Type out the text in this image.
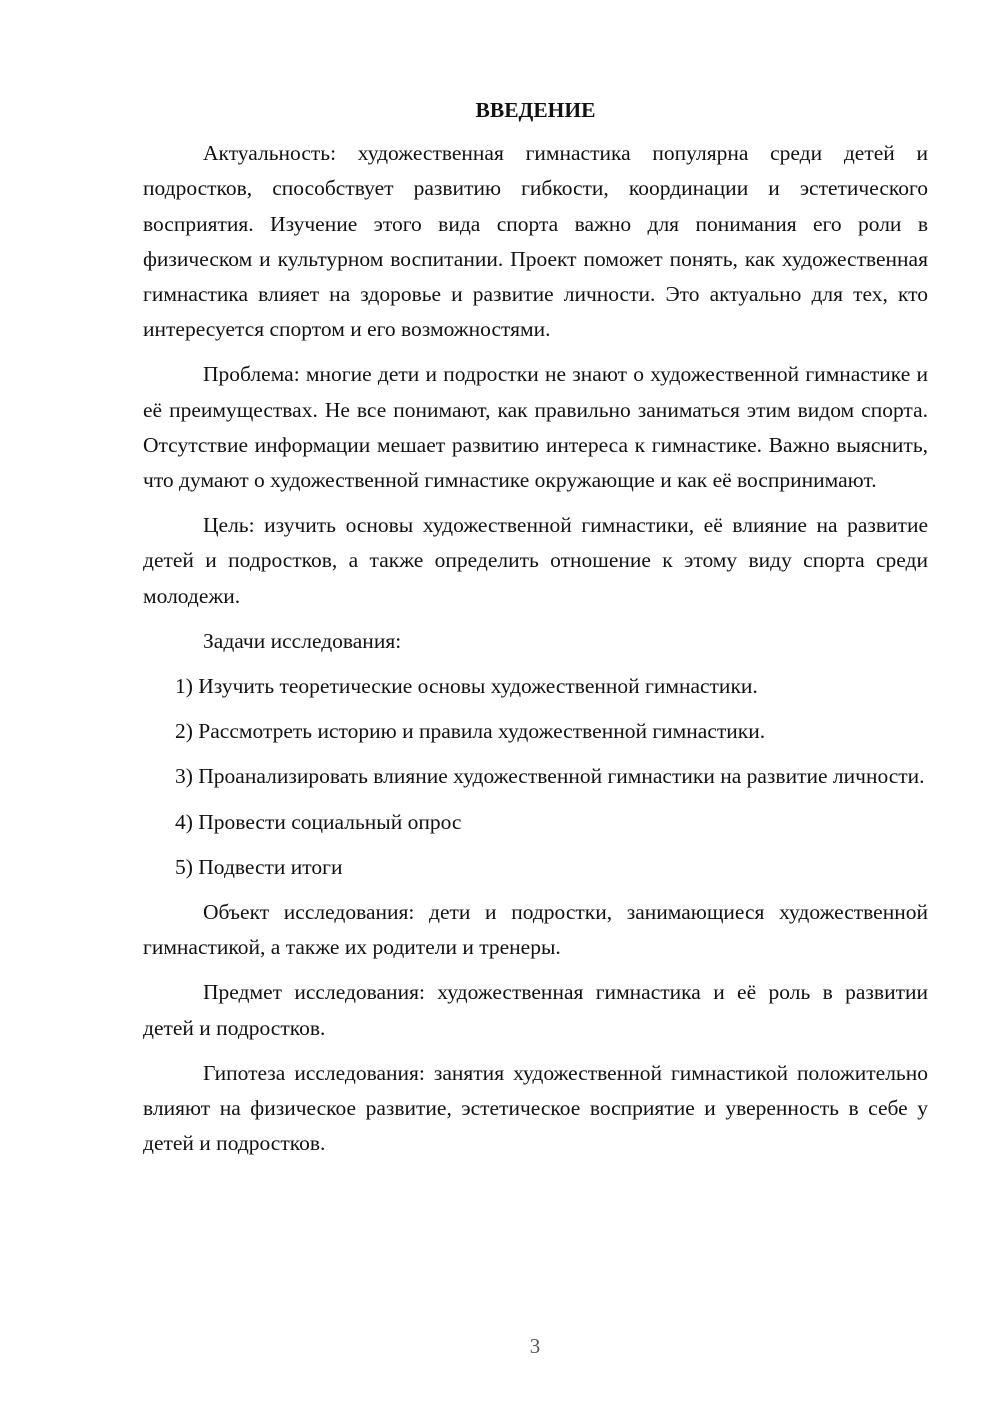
ВВЕДЕНИЕ

Актуальность: художественная гимнастика популярна среди детей и подростков, способствует развитию гибкости, координации и эстетического восприятия. Изучение этого вида спорта важно для понимания его роли в физическом и культурном воспитании. Проект поможет понять, как художественная гимнастика влияет на здоровье и развитие личности. Это актуально для тех, кто интересуется спортом и его возможностями.

Проблема: многие дети и подростки не знают о художественной гимнастике и её преимуществах. Не все понимают, как правильно заниматься этим видом спорта. Отсутствие информации мешает развитию интереса к гимнастике. Важно выяснить, что думают о художественной гимнастике окружающие и как её воспринимают.

Цель: изучить основы художественной гимнастики, её влияние на развитие детей и подростков, а также определить отношение к этому виду спорта среди молодежи.

Задачи исследования:

1) Изучить теоретические основы художественной гимнастики.

2) Рассмотреть историю и правила художественной гимнастики.

3) Проанализировать влияние художественной гимнастики на развитие личности.

4) Провести социальный опрос

5) Подвести итоги

Объект исследования: дети и подростки, занимающиеся художественной гимнастикой, а также их родители и тренеры.

Предмет исследования: художественная гимнастика и её роль в развитии детей и подростков.

Гипотеза исследования: занятия художественной гимнастикой положительно влияют на физическое развитие, эстетическое восприятие и уверенность в себе у детей и подростков.

3
